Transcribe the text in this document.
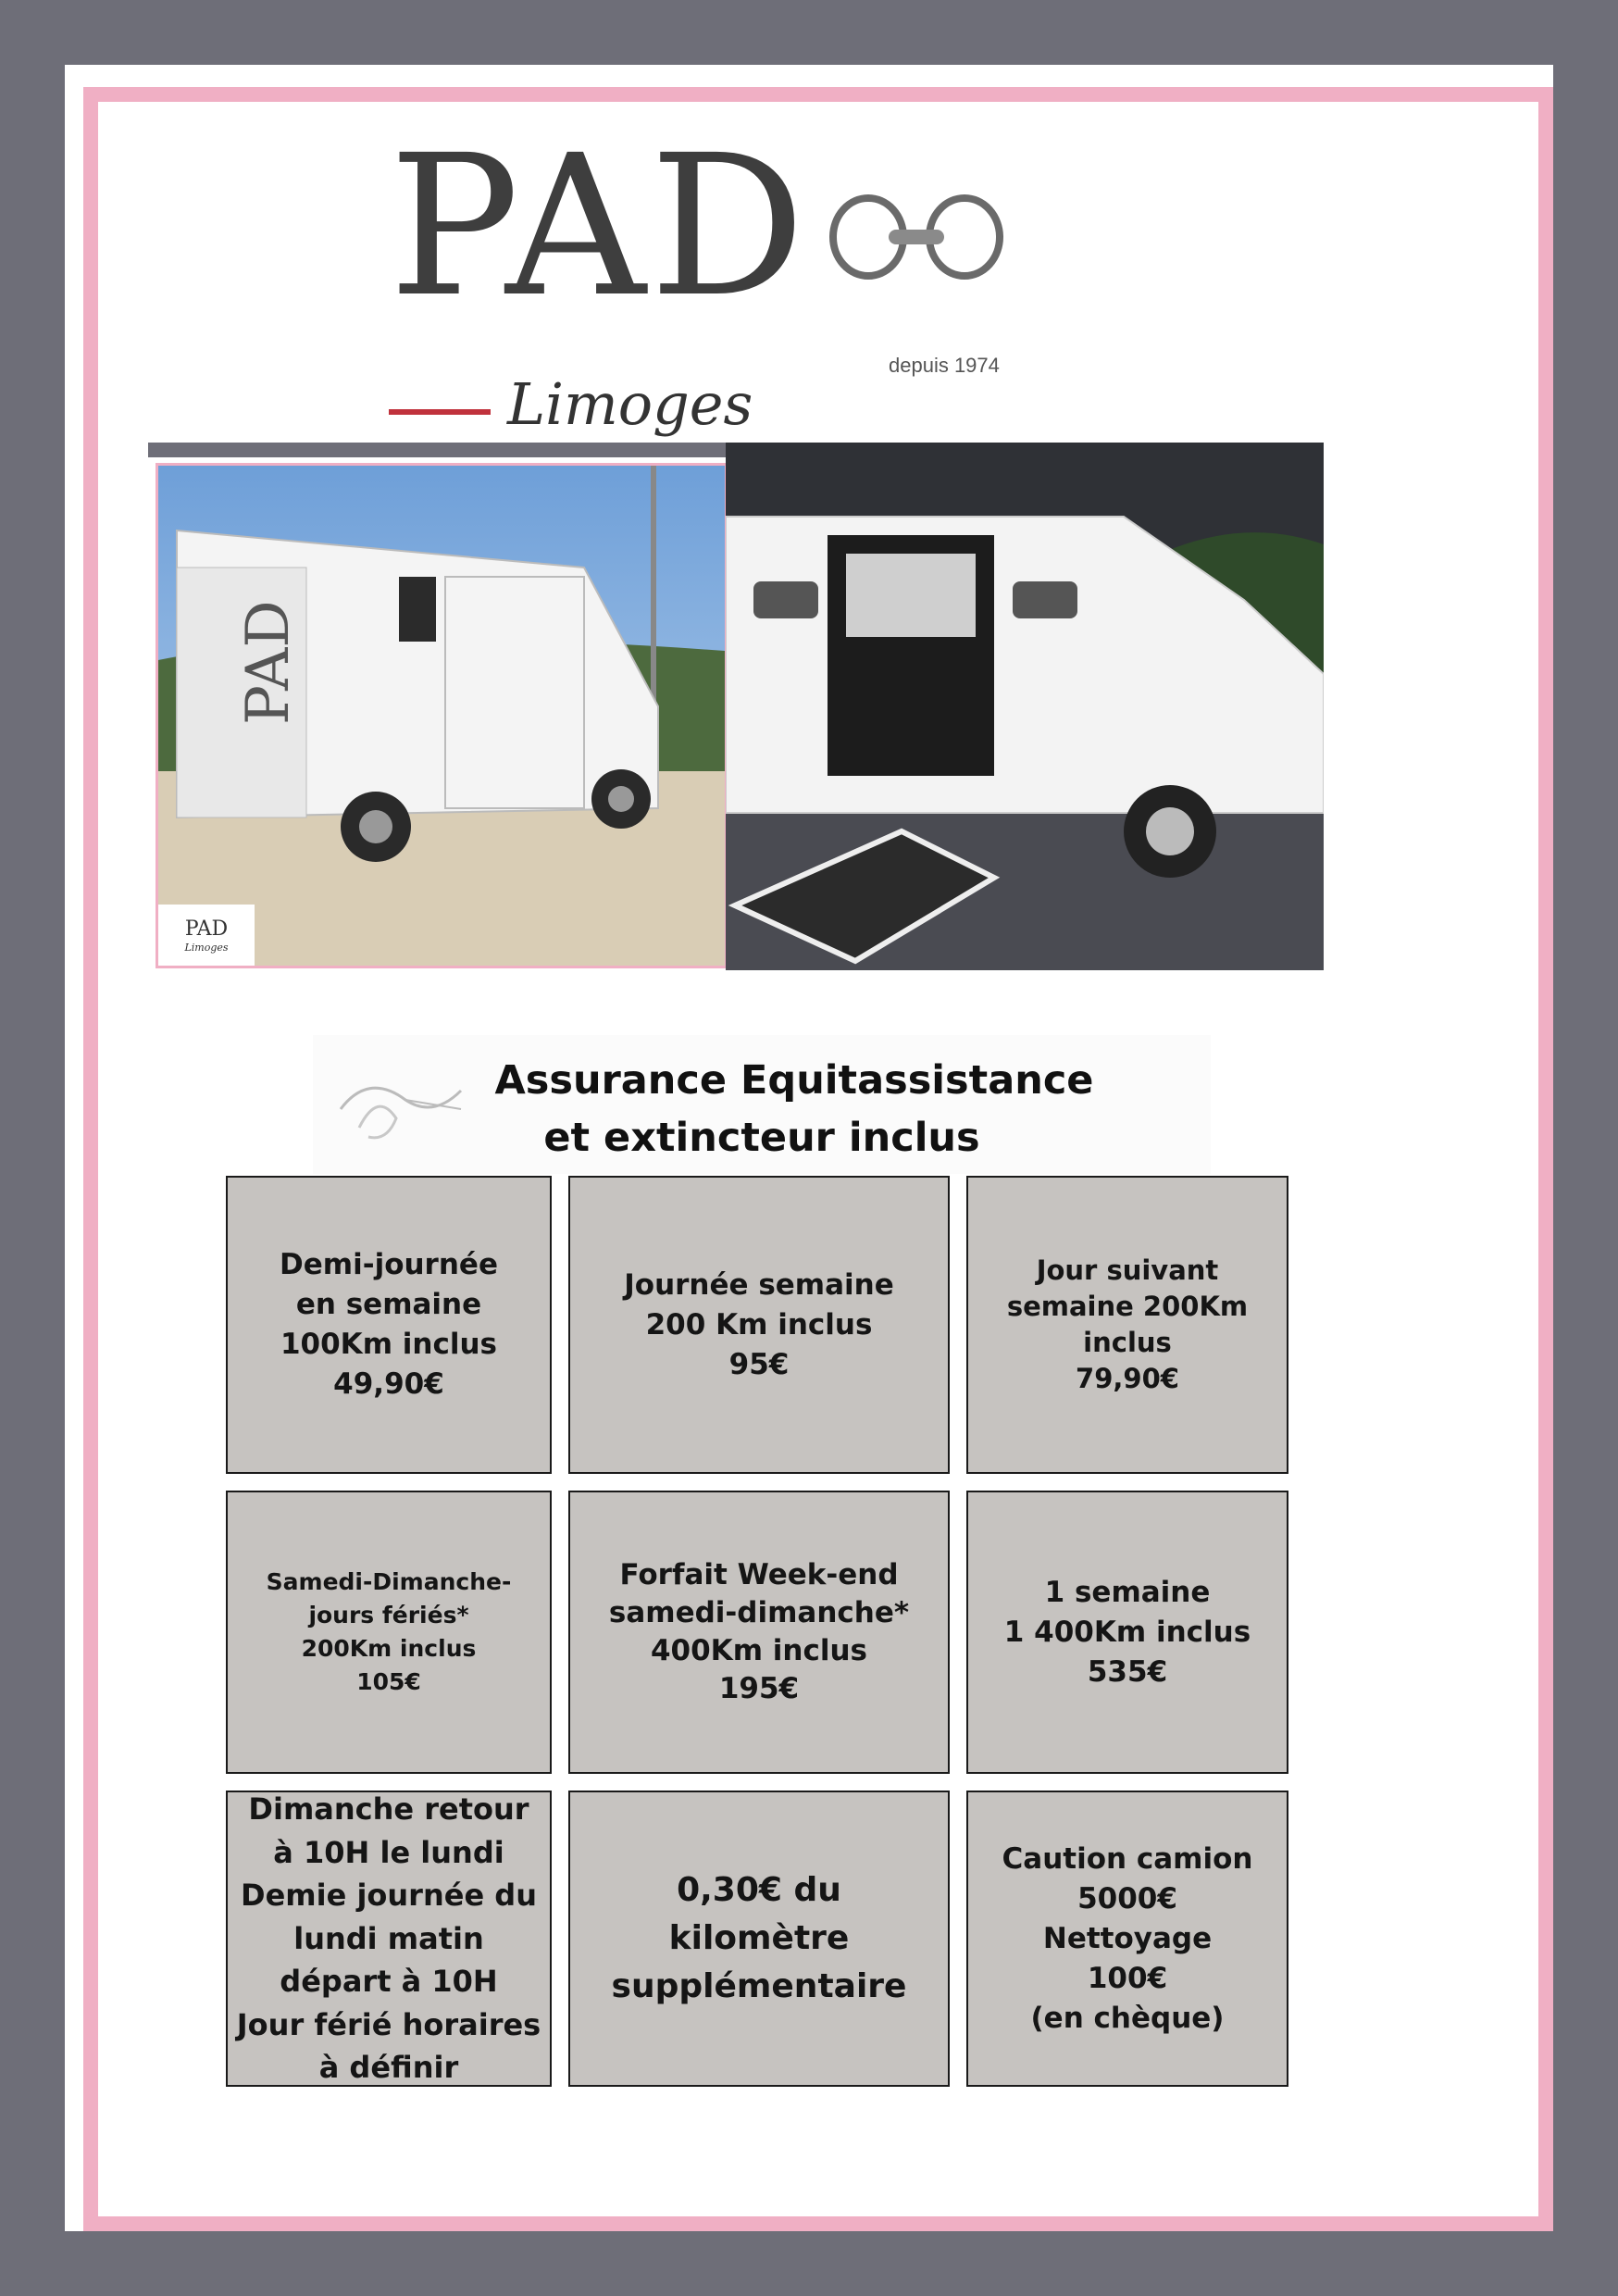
PAD
depuis 1974
Limoges
PAD
PAD
Limoges
Assurance Equitassistance
et extincteur inclus
Demi-journée
en semaine
100Km inclus
49,90€
Journée semaine
200 Km inclus
95€
Jour suivant
semaine 200Km
inclus
79,90€
Samedi-Dimanche-
jours fériés*
200Km inclus
105€
Forfait Week-end
samedi-dimanche*
400Km inclus
195€
1 semaine
1 400Km inclus
535€
Dimanche retour
à 10H le lundi
Demie journée du
lundi matin
départ à 10H
Jour férié horaires
à définir
0,30€ du
kilomètre
supplémentaire
Caution camion
5000€
Nettoyage
100€
(en chèque)
